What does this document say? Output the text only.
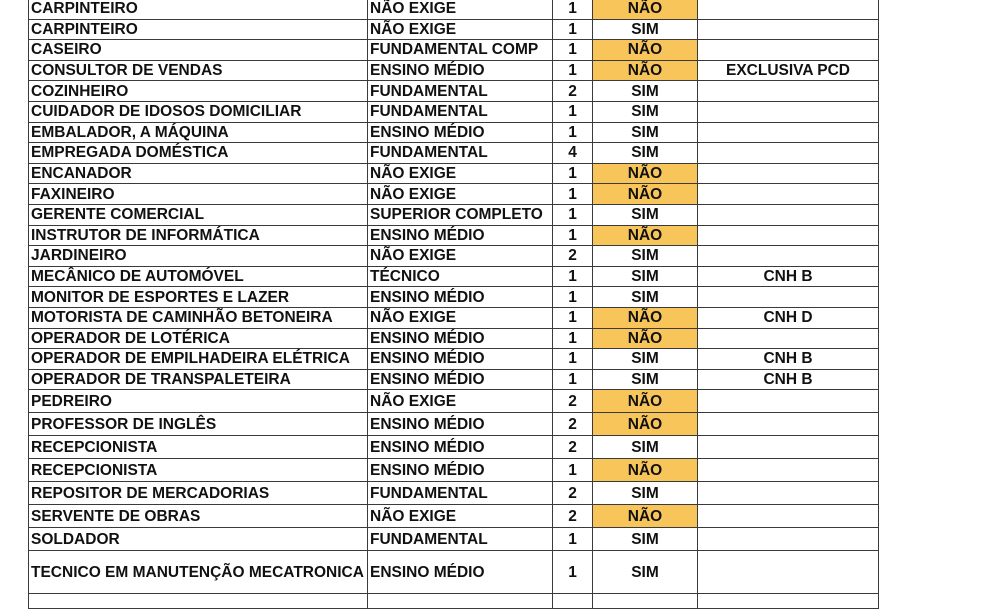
CARPINTEIRO	NÃO EXIGE	1	NÃO	
CARPINTEIRO	NÃO EXIGE	1	SIM	
CASEIRO	FUNDAMENTAL COMP	1	NÃO	
CONSULTOR DE VENDAS	ENSINO MÉDIO	1	NÃO	EXCLUSIVA PCD
COZINHEIRO	FUNDAMENTAL	2	SIM	
CUIDADOR DE IDOSOS DOMICILIAR	FUNDAMENTAL	1	SIM	
EMBALADOR, A MÁQUINA	ENSINO MÉDIO	1	SIM	
EMPREGADA DOMÉSTICA	FUNDAMENTAL	4	SIM	
ENCANADOR	NÃO EXIGE	1	NÃO	
FAXINEIRO	NÃO EXIGE	1	NÃO	
GERENTE COMERCIAL	SUPERIOR COMPLETO	1	SIM	
INSTRUTOR DE INFORMÁTICA	ENSINO MÉDIO	1	NÃO	
JARDINEIRO	NÃO EXIGE	2	SIM	
MECÂNICO DE AUTOMÓVEL	TÉCNICO	1	SIM	CNH B
MONITOR DE ESPORTES E LAZER	ENSINO MÉDIO	1	SIM	
MOTORISTA DE CAMINHÃO BETONEIRA	NÃO EXIGE	1	NÃO	CNH D
OPERADOR DE LOTÉRICA	ENSINO MÉDIO	1	NÃO	
OPERADOR DE EMPILHADEIRA ELÉTRICA	ENSINO MÉDIO	1	SIM	CNH B
OPERADOR DE TRANSPALETEIRA	ENSINO MÉDIO	1	SIM	CNH B
PEDREIRO	NÃO EXIGE	2	NÃO	
PROFESSOR DE INGLÊS	ENSINO MÉDIO	2	NÃO	
RECEPCIONISTA	ENSINO MÉDIO	2	SIM	
RECEPCIONISTA	ENSINO MÉDIO	1	NÃO	
REPOSITOR DE MERCADORIAS	FUNDAMENTAL	2	SIM	
SERVENTE DE OBRAS	NÃO EXIGE	2	NÃO	
SOLDADOR	FUNDAMENTAL	1	SIM	
TECNICO EM MANUTENÇÃO MECATRONICA	ENSINO MÉDIO	1	SIM	
